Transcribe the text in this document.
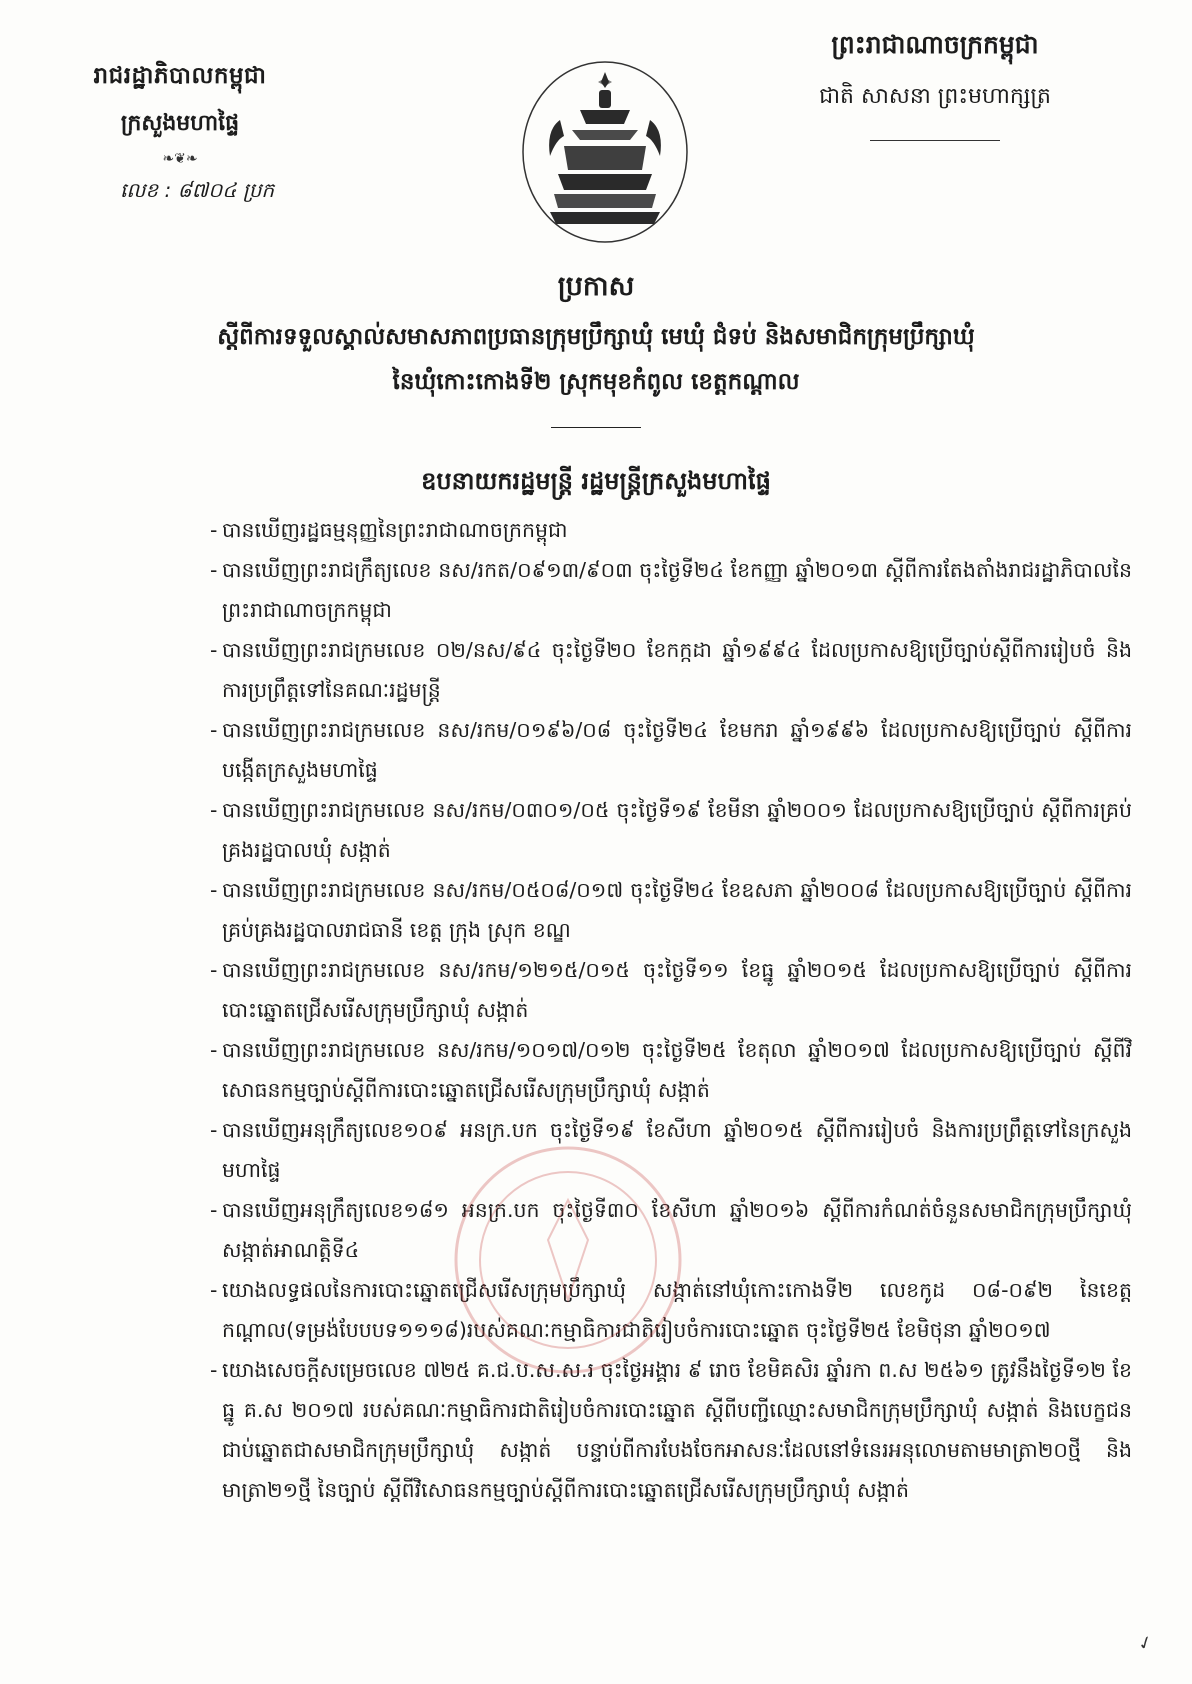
រាជរដ្ឋាភិបាលកម្ពុជា
ក្រសួងមហាផ្ទៃ
❧❦❧
លេខ : ៨៧០៤ ប្រក
ព្រះរាជាណាចក្រកម្ពុជា
ជាតិ សាសនា ព្រះមហាក្សត្រ
ប្រកាស
ស្តីពីការទទួលស្គាល់សមាសភាពប្រធានក្រុមប្រឹក្សាឃុំ មេឃុំ ជំទប់ និងសមាជិកក្រុមប្រឹក្សាឃុំ
នៃឃុំកោះកោងទី២ ស្រុកមុខកំពូល ខេត្តកណ្តាល
ឧបនាយករដ្ឋមន្ត្រី រដ្ឋមន្ត្រីក្រសួងមហាផ្ទៃ
- បានឃើញរដ្ឋធម្មនុញ្ញនៃព្រះរាជាណាចក្រកម្ពុជា
- បានឃើញព្រះរាជក្រឹត្យលេខ នស/រកត/០៩១៣/៩០៣ ចុះថ្ងៃទី២៤ ខែកញ្ញា ឆ្នាំ២០១៣ ស្តីពីការតែងតាំងរាជរដ្ឋាភិបាលនៃព្រះរាជាណាចក្រកម្ពុជា
- បានឃើញព្រះរាជក្រមលេខ ០២/នស/៩៤ ចុះថ្ងៃទី២០ ខែកក្កដា ឆ្នាំ១៩៩៤ ដែលប្រកាសឱ្យប្រើច្បាប់ស្តីពីការរៀបចំ និងការប្រព្រឹត្តទៅនៃគណៈរដ្ឋមន្ត្រី
- បានឃើញព្រះរាជក្រមលេខ នស/រកម/០១៩៦/០៨ ចុះថ្ងៃទី២៤ ខែមករា ឆ្នាំ១៩៩៦ ដែលប្រកាសឱ្យប្រើច្បាប់ ស្តីពីការបង្កើតក្រសួងមហាផ្ទៃ
- បានឃើញព្រះរាជក្រមលេខ នស/រកម/០៣០១/០៥ ចុះថ្ងៃទី១៩ ខែមីនា ឆ្នាំ២០០១ ដែលប្រកាសឱ្យប្រើច្បាប់ ស្តីពីការគ្រប់គ្រងរដ្ឋបាលឃុំ សង្កាត់
- បានឃើញព្រះរាជក្រមលេខ នស/រកម/០៥០៨/០១៧ ចុះថ្ងៃទី២៤ ខែឧសភា ឆ្នាំ២០០៨ ដែលប្រកាសឱ្យប្រើច្បាប់ ស្តីពីការគ្រប់គ្រងរដ្ឋបាលរាជធានី ខេត្ត ក្រុង ស្រុក ខណ្ឌ
- បានឃើញព្រះរាជក្រមលេខ នស/រកម/១២១៥/០១៥ ចុះថ្ងៃទី១១ ខែធ្នូ ឆ្នាំ២០១៥ ដែលប្រកាសឱ្យប្រើច្បាប់ ស្តីពីការបោះឆ្នោតជ្រើសរើសក្រុមប្រឹក្សាឃុំ សង្កាត់
- បានឃើញព្រះរាជក្រមលេខ នស/រកម/១០១៧/០១២ ចុះថ្ងៃទី២៥ ខែតុលា ឆ្នាំ២០១៧ ដែលប្រកាសឱ្យប្រើច្បាប់ ស្តីពីវិសោធនកម្មច្បាប់ស្តីពីការបោះឆ្នោតជ្រើសរើសក្រុមប្រឹក្សាឃុំ សង្កាត់
- បានឃើញអនុក្រឹត្យលេខ១០៩ អនក្រ.បក ចុះថ្ងៃទី១៩ ខែសីហា ឆ្នាំ២០១៥ ស្តីពីការរៀបចំ និងការប្រព្រឹត្តទៅនៃក្រសួងមហាផ្ទៃ
- បានឃើញអនុក្រឹត្យលេខ១៨១ អនក្រ.បក ចុះថ្ងៃទី៣០ ខែសីហា ឆ្នាំ២០១៦ ស្តីពីការកំណត់ចំនួនសមាជិកក្រុមប្រឹក្សាឃុំ សង្កាត់អាណត្តិទី៤
- យោងលទ្ធផលនៃការបោះឆ្នោតជ្រើសរើសក្រុមប្រឹក្សាឃុំ សង្កាត់នៅឃុំកោះកោងទី២ លេខកូដ ០៨-០៩២ នៃខេត្តកណ្តាល(ទម្រង់បែបបទ១១១៨)របស់គណៈកម្មាធិការជាតិរៀបចំការបោះឆ្នោត ចុះថ្ងៃទី២៥ ខែមិថុនា ឆ្នាំ២០១៧
- យោងសេចក្តីសម្រេចលេខ ៧២៥ គ.ជ.ប.ស.ស.រ ចុះថ្ងៃអង្គារ ៩ រោច ខែមិគសិរ ឆ្នាំរកា ព.ស ២៥៦១ ត្រូវនឹងថ្ងៃទី១២ ខែធ្នូ គ.ស ២០១៧ របស់គណៈកម្មាធិការជាតិរៀបចំការបោះឆ្នោត ស្តីពីបញ្ជីឈ្មោះសមាជិកក្រុមប្រឹក្សាឃុំ សង្កាត់ និងបេក្ខជនជាប់ឆ្នោតជាសមាជិកក្រុមប្រឹក្សាឃុំ សង្កាត់ បន្ទាប់ពីការបែងចែកអាសនៈដែលនៅទំនេរអនុលោមតាមមាត្រា២០ថ្មី និងមាត្រា២១ថ្មី នៃច្បាប់ ស្តីពីវិសោធនកម្មច្បាប់ស្តីពីការបោះឆ្នោតជ្រើសរើសក្រុមប្រឹក្សាឃុំ សង្កាត់
✓
